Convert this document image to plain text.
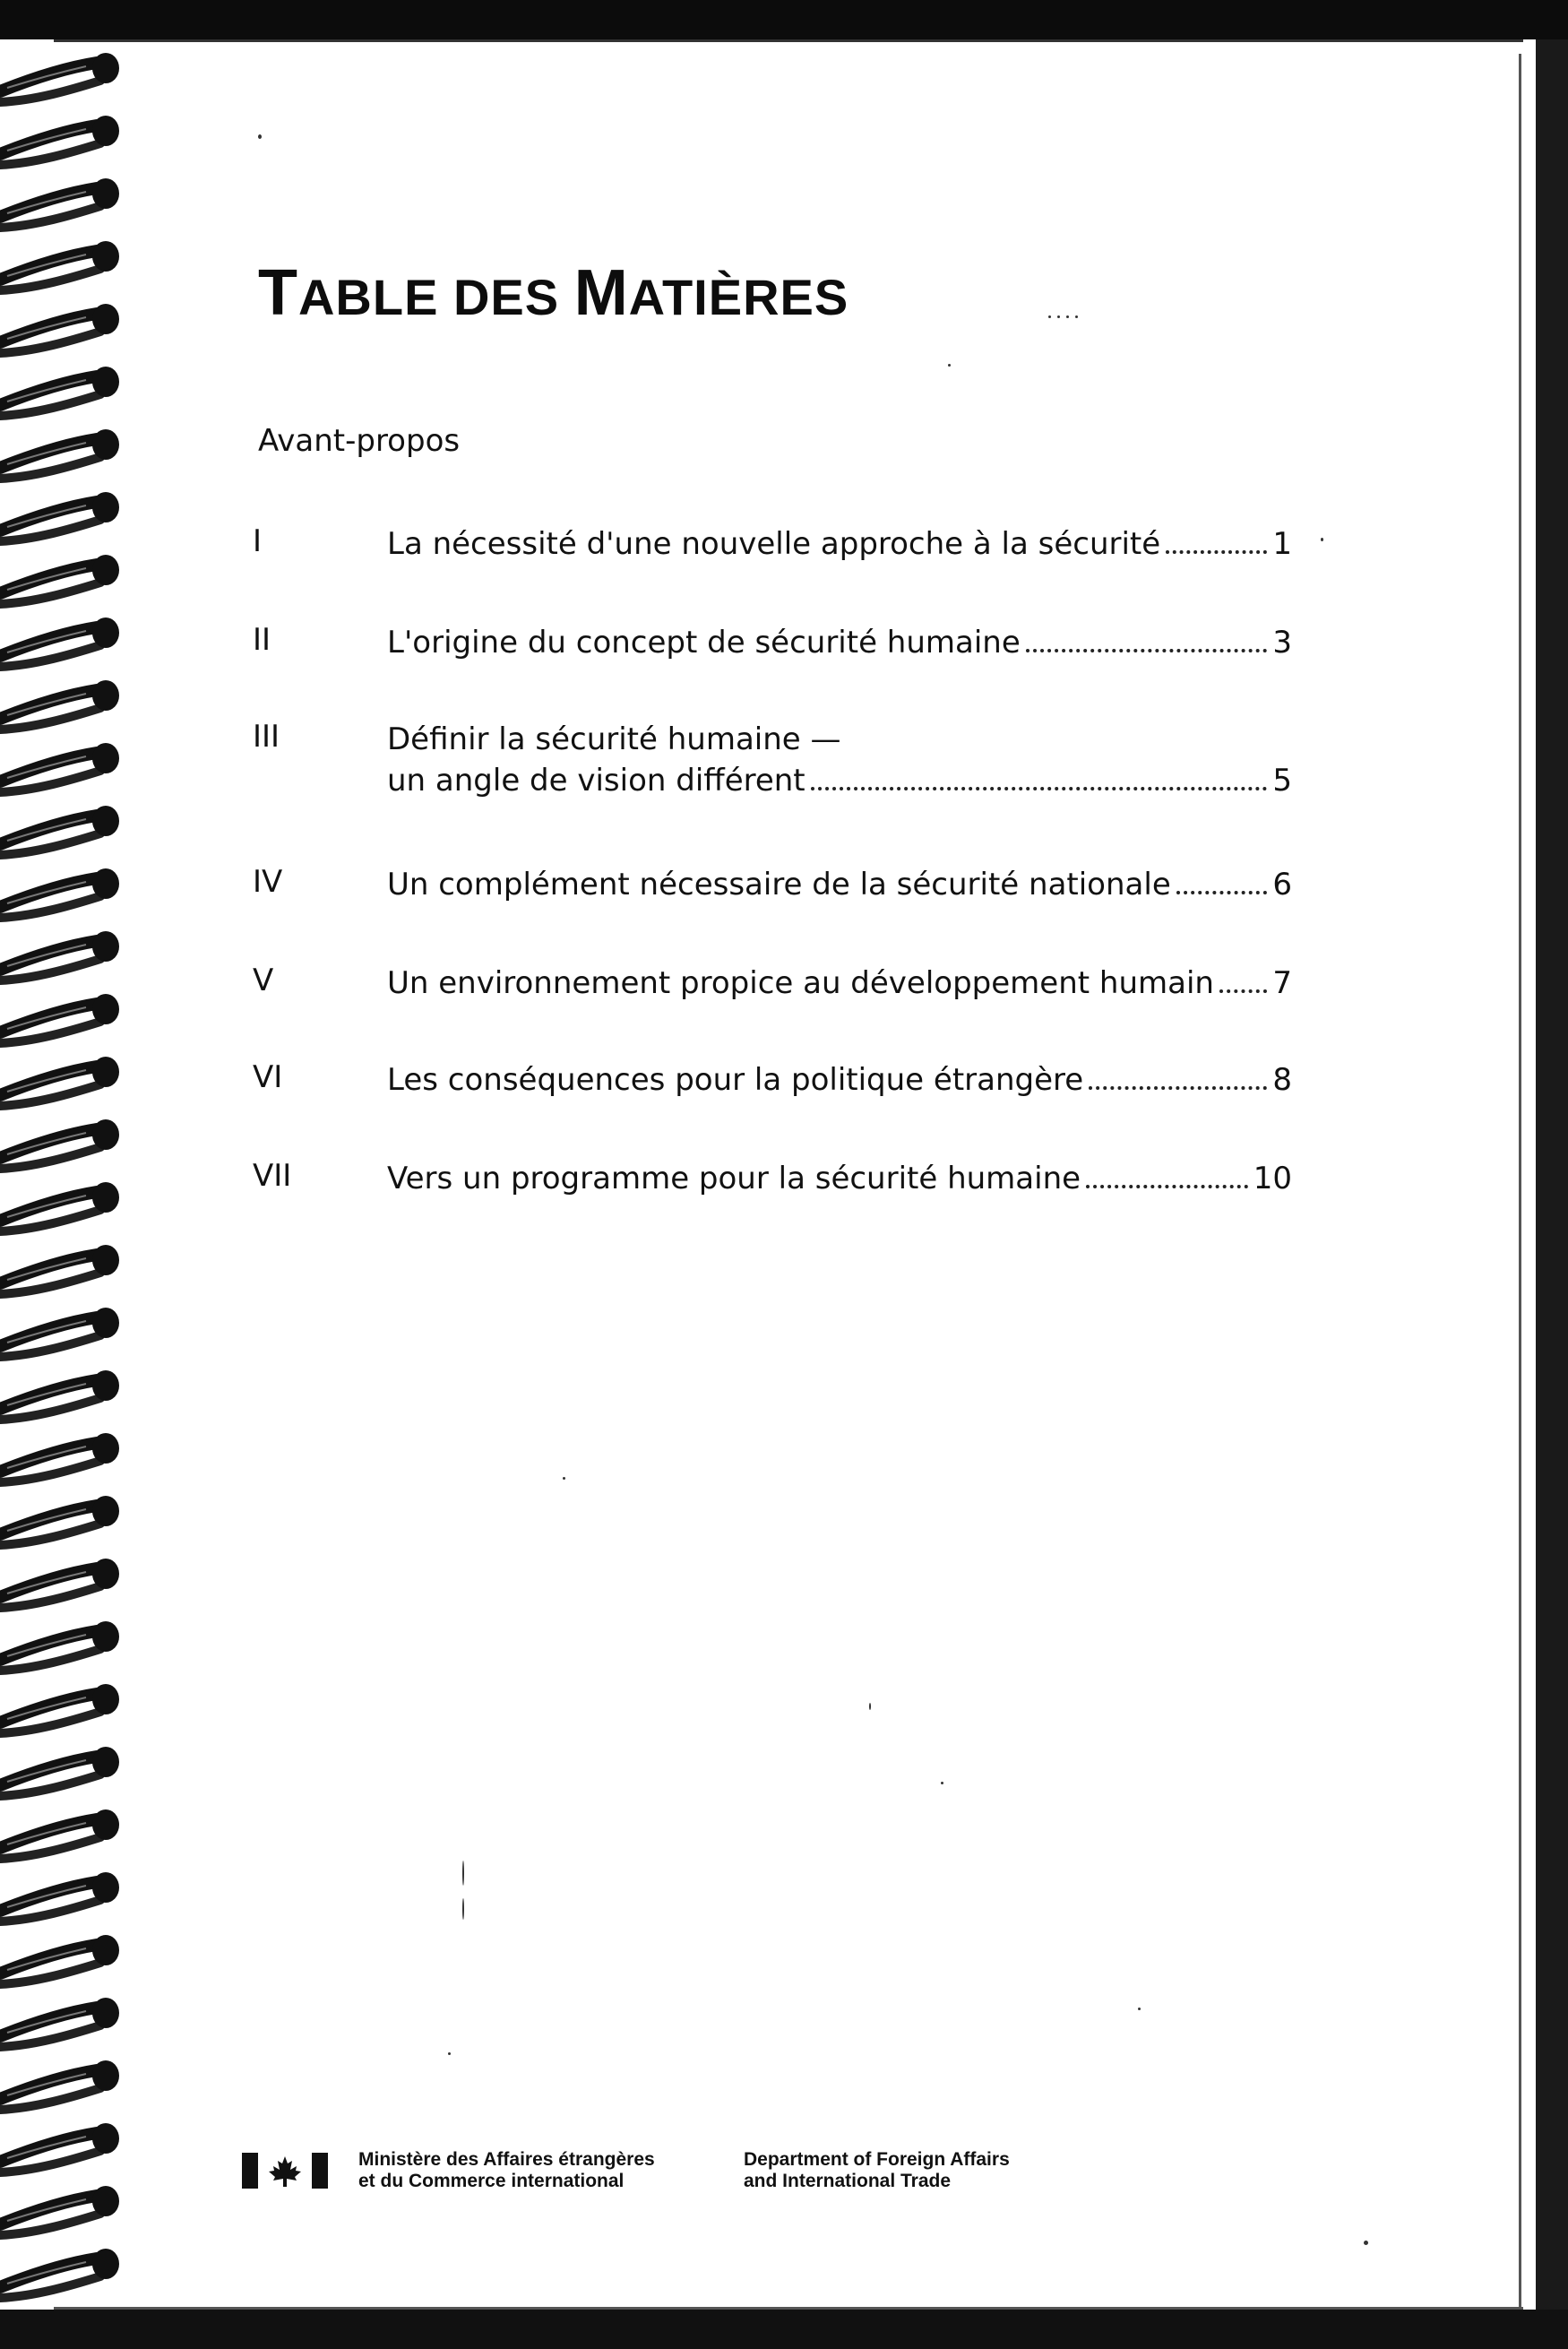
TABLE DES MATIÈRES
Avant-propos
I	La nécessité d'une nouvelle approche à la sécurité	1
II	L'origine du concept de sécurité humaine	3
III	Définir la sécurité humaine —
un angle de vision différent	5
IV	Un complément nécessaire de la sécurité nationale	6
V	Un environnement propice au développement humain 7
VI	Les conséquences pour la politique étrangère	8
VII	Vers un programme pour la sécurité humaine	10
Ministère des Affaires étrangères
et du Commerce international
Department of Foreign Affairs
and International Trade
